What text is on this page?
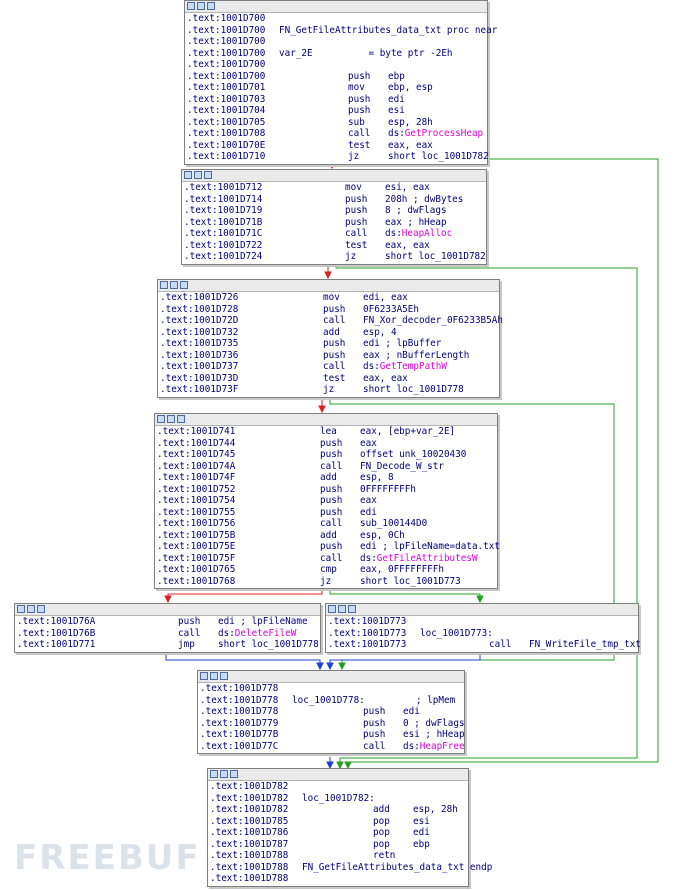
.text:1001D700
.text:1001D700 FN_GetFileAttributes_data_txt proc near
.text:1001D700
.text:1001D700 var_2E          = byte ptr -2Eh
.text:1001D700
.text:1001D700	push ebp
.text:1001D701	mov ebp, esp
.text:1001D703	push edi
.text:1001D704	push esi
.text:1001D705	sub esp, 28h
.text:1001D708	call ds:GetProcessHeap
.text:1001D70E	test eax, eax
.text:1001D710	jz	short loc_1001D782
.text:1001D712	mov esi, eax
.text:1001D714	push 208h ; dwBytes
.text:1001D719	push 8 ; dwFlags
.text:1001D71B	push eax ; hHeap
.text:1001D71C	call ds:HeapAlloc
.text:1001D722	test eax, eax
.text:1001D724	jz	short loc_1001D782
.text:1001D726	mov edi, eax
.text:1001D728	push 0F6233A5Eh
.text:1001D72D	call FN_Xor_decoder_0F6233B5Ah
.text:1001D732	add esp, 4
.text:1001D735	push edi ; lpBuffer
.text:1001D736	push eax ; nBufferLength
.text:1001D737	call ds:GetTempPathW
.text:1001D73D	test eax, eax
.text:1001D73F	jz	short loc_1001D778
.text:1001D741	lea eax, [ebp+var_2E]
.text:1001D744	push eax
.text:1001D745	push offset unk_10020430
.text:1001D74A	call FN_Decode_W_str
.text:1001D74F	add esp, 8
.text:1001D752	push 0FFFFFFFFh
.text:1001D754	push eax
.text:1001D755	push edi
.text:1001D756	call sub_100144D0
.text:1001D75B	add esp, 0Ch
.text:1001D75E	push edi ; lpFileName=data.txt
.text:1001D75F	call ds:GetFileAttributesW
.text:1001D765	cmp eax, 0FFFFFFFFh
.text:1001D768	jz	short loc_1001D773
.text:1001D76A	push edi ; lpFileName
.text:1001D76B	call ds:DeleteFileW
.text:1001D771	jmp short loc_1001D778
.text:1001D773
.text:1001D773 loc_1001D773:
.text:1001D773	call FN_WriteFile_tmp_txt
.text:1001D778
.text:1001D778 loc_1001D778:	; lpMem
.text:1001D778	push edi
.text:1001D779	push 0 ; dwFlags
.text:1001D77B	push esi ; hHeap
.text:1001D77C	call ds:HeapFree
.text:1001D782
.text:1001D782 loc_1001D782:
.text:1001D782	add esp, 28h
.text:1001D785	pop esi
.text:1001D786	pop edi
.text:1001D787	pop ebp
.text:1001D788	retn
.text:1001D788 FN_GetFileAttributes_data_txt endp
.text:1001D788
FREEBUF
